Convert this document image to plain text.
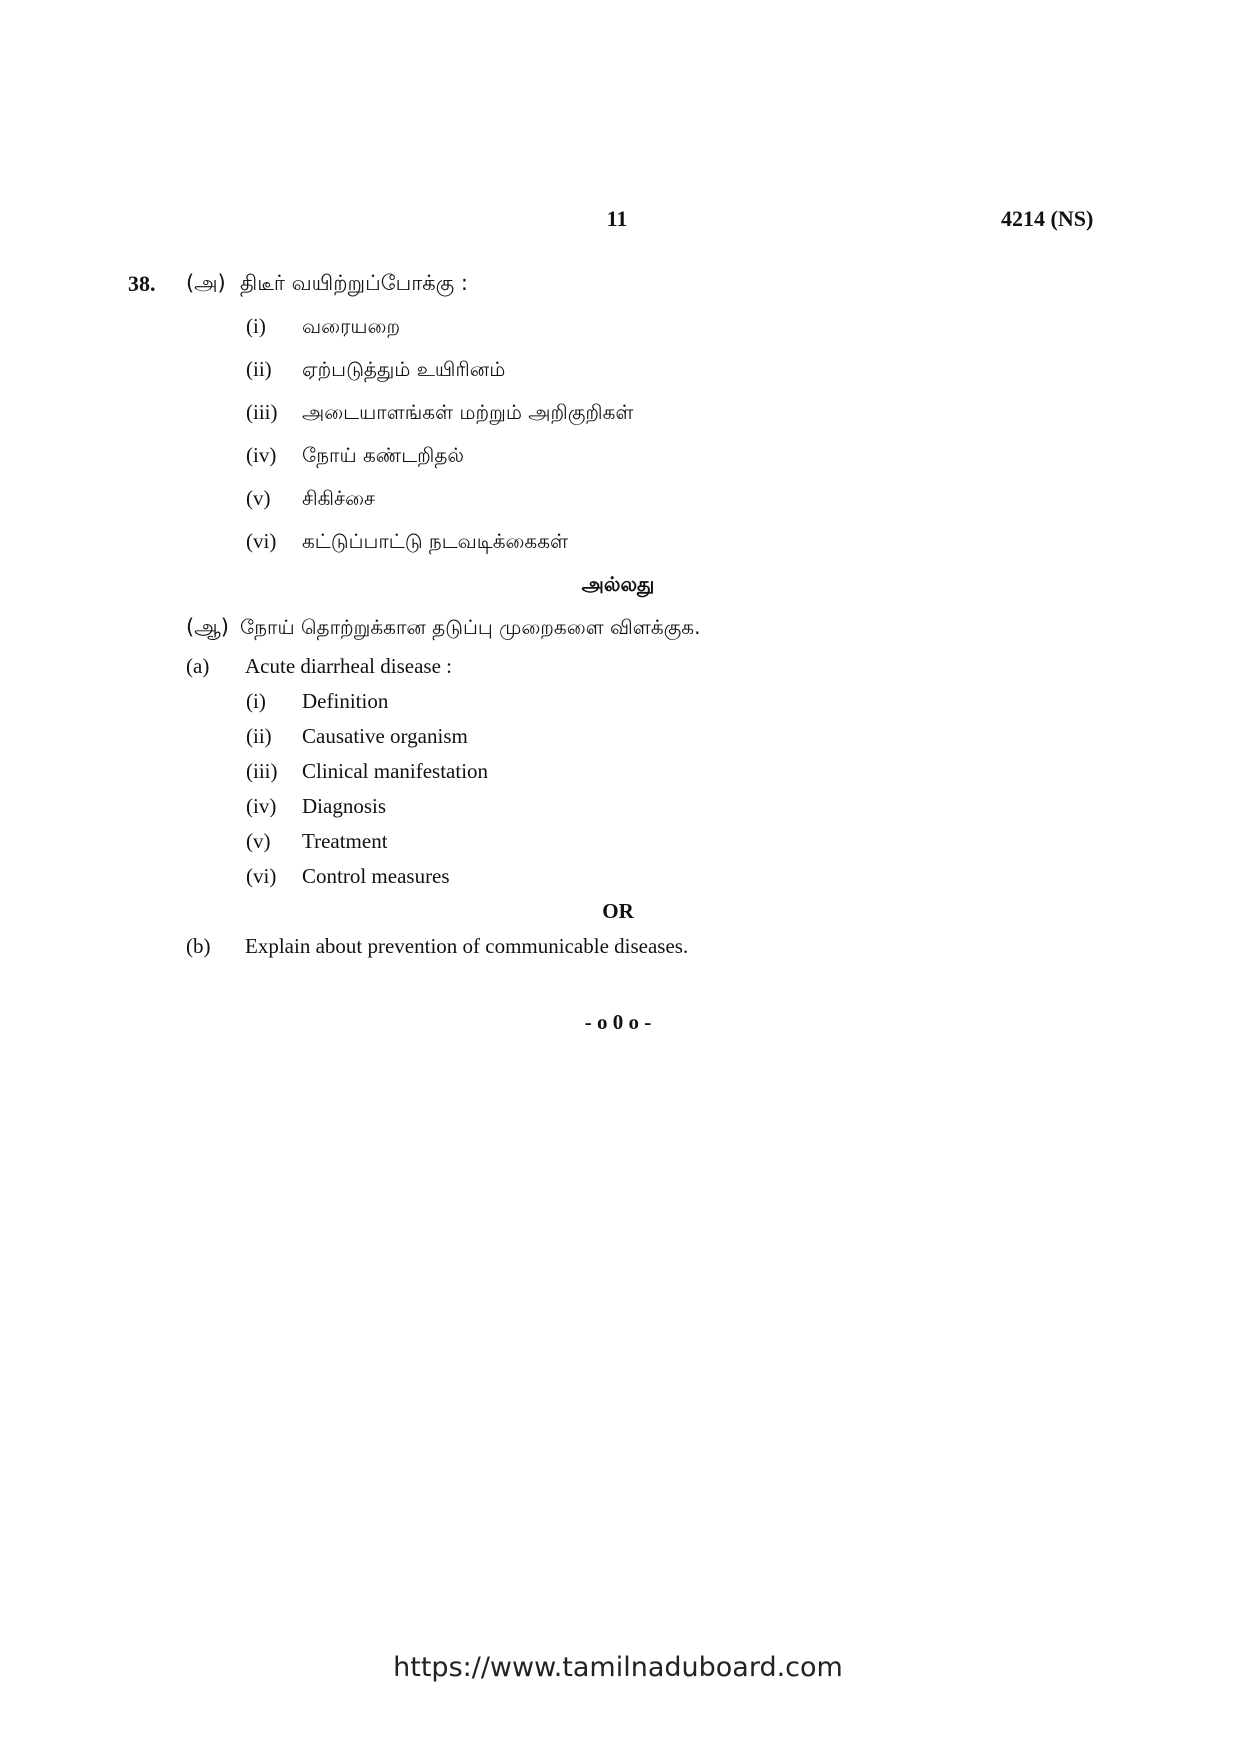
11	4214 (NS)
38. (அ) திடீர் வயிற்றுப்போக்கு :
(i) வரையறை
(ii) ஏற்படுத்தும் உயிரினம்
(iii) அடையாளங்கள் மற்றும் அறிகுறிகள்
(iv) நோய் கண்டறிதல்
(v) சிகிச்சை
(vi) கட்டுப்பாட்டு நடவடிக்கைகள்
அல்லது
(ஆ) நோய் தொற்றுக்கான தடுப்பு முறைகளை விளக்குக.
(a) Acute diarrheal disease :
(i) Definition
(ii) Causative organism
(iii) Clinical manifestation
(iv) Diagnosis
(v) Treatment
(vi) Control measures
OR
(b) Explain about prevention of communicable diseases.
- o 0 o -
https://www.tamilnaduboard.com
